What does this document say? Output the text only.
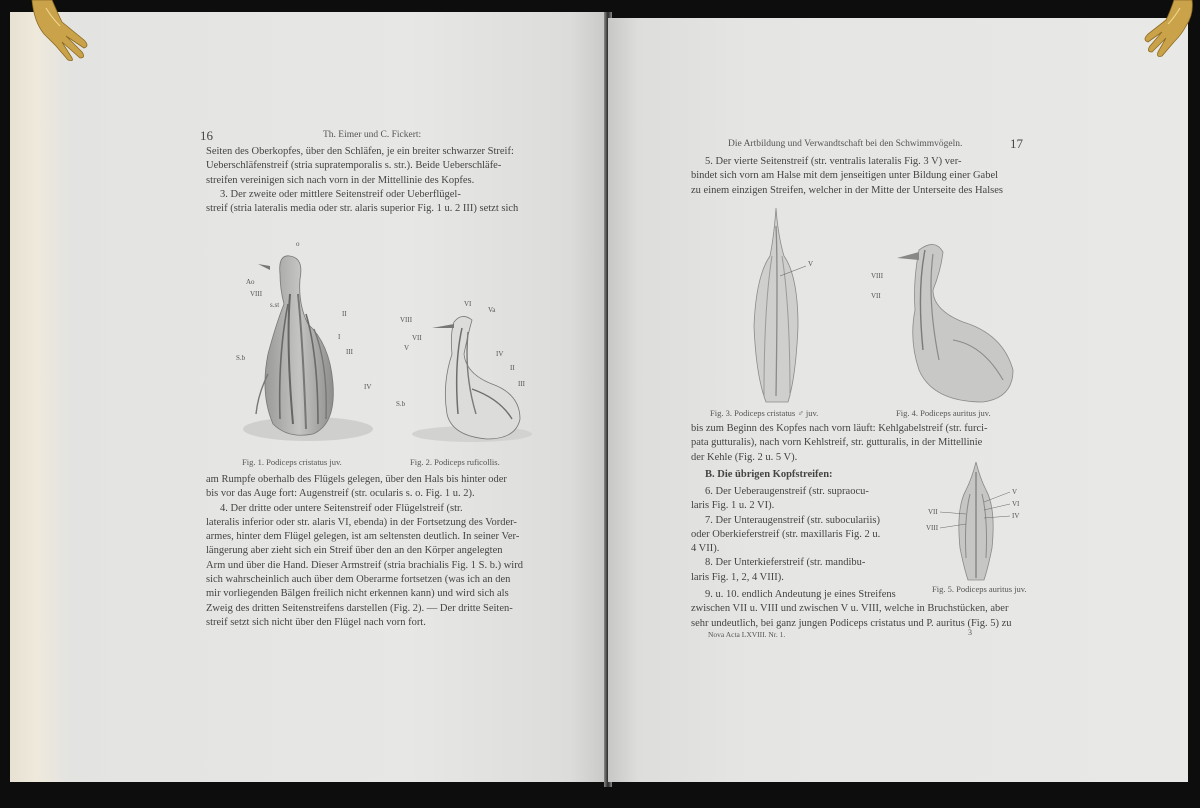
16	Th. Eimer und C. Fickert:
Seiten des Oberkopfes, über den Schläfen, je ein breiter schwarzer Streif:
Ueberschläfenstreif (stria supratemporalis s. str.). Beide Ueberschläfe-
streifen vereinigen sich nach vorn in der Mittellinie des Kopfes.
3. Der zweite oder mittlere Seitenstreif oder Ueberflügel-
streif (stria lateralis media oder str. alaris superior Fig. 1 u. 2 III) setzt sich
o
Ao
VIII
s.st
II
I
III
IV
S.b
Fig. 1. Podiceps cristatus juv.
VIII
VI
Va
VII
V
IV
II
III
S.b
Fig. 2. Podiceps ruficollis.
am Rumpfe oberhalb des Flügels gelegen, über den Hals bis hinter oder
bis vor das Auge fort: Augenstreif (str. ocularis s. o. Fig. 1 u. 2).
4. Der dritte oder untere Seitenstreif oder Flügelstreif (str.
lateralis inferior oder str. alaris VI, ebenda) in der Fortsetzung des Vorder-
armes, hinter dem Flügel gelegen, ist am seltensten deutlich. In seiner Ver-
längerung aber zieht sich ein Streif über den an den Körper angelegten
Arm und über die Hand. Dieser Armstreif (stria brachialis Fig. 1 S. b.) wird
sich wahrscheinlich auch über dem Oberarme fortsetzen (was ich an den
mir vorliegenden Bälgen freilich nicht erkennen kann) und wird sich als
Zweig des dritten Seitenstreifens darstellen (Fig. 2). — Der dritte Seiten-
streif setzt sich nicht über den Flügel nach vorn fort.
Die Artbildung und Verwandtschaft bei den Schwimmvögeln.	17
5. Der vierte Seitenstreif (str. ventralis lateralis Fig. 3 V) ver-
bindet sich vorn am Halse mit dem jenseitigen unter Bildung einer Gabel
zu einem einzigen Streifen, welcher in der Mitte der Unterseite des Halses
V
Fig. 3. Podiceps cristatus ♂ juv.
VIII
VII
Fig. 4. Podiceps auritus juv.
bis zum Beginn des Kopfes nach vorn läuft: Kehlgabelstreif (str. furci-
pata gutturalis), nach vorn Kehlstreif, str. gutturalis, in der Mittellinie
der Kehle (Fig. 2 u. 5 V).
B. Die übrigen Kopfstreifen:
6. Der Ueberaugenstreif (str. supraocu-
laris Fig. 1 u. 2 VI).
7. Der Unteraugenstreif (str. suboculariis)
oder Oberkieferstreif (str. maxillaris Fig. 2 u.
4 VII).
8. Der Unterkieferstreif (str. mandibu-
laris Fig. 1, 2, 4 VIII).
V
VI
IV
VII
VIII
Fig. 5. Podiceps auritus juv.
9. u. 10. endlich Andeutung je eines Streifens
zwischen VII u. VIII und zwischen V u. VIII, welche in Bruchstücken, aber
sehr undeutlich, bei ganz jungen Podiceps cristatus und P. auritus (Fig. 5) zu
Nova Acta LXVIII. Nr. 1.	3
